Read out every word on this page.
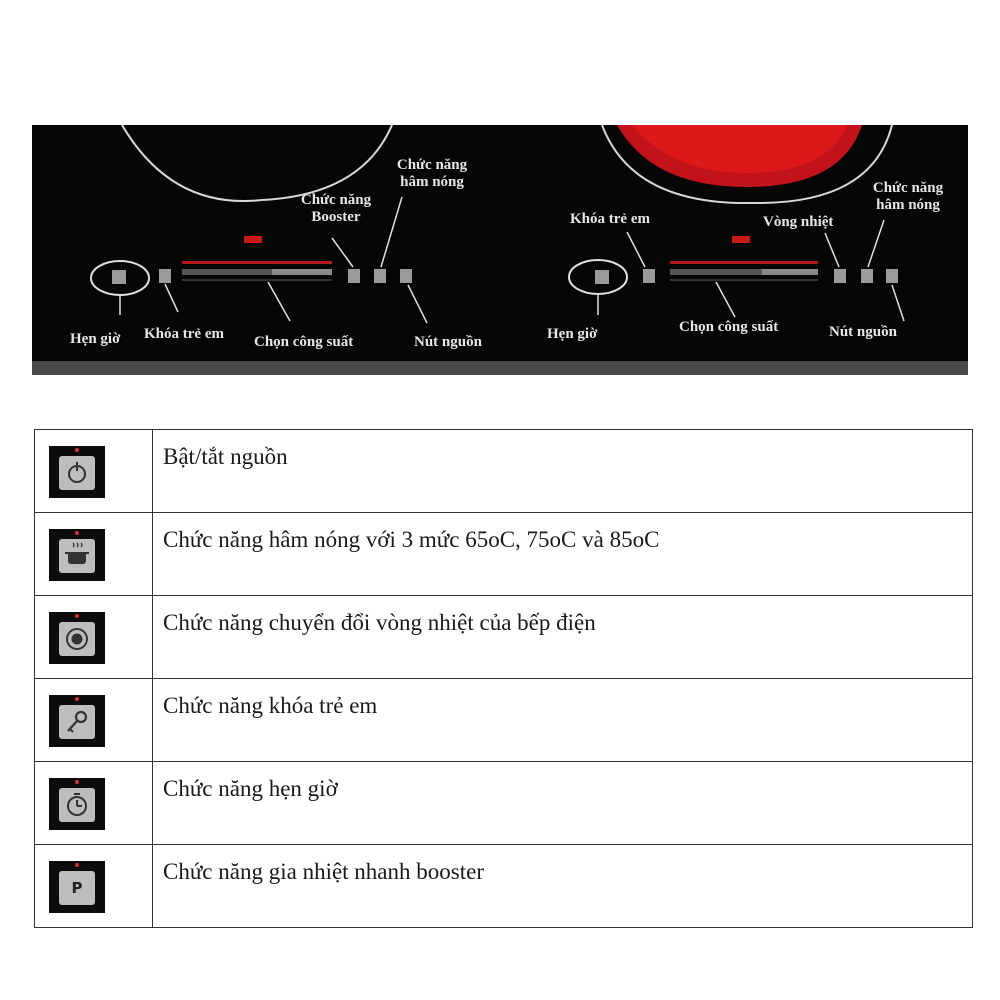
Hẹn giờ Khóa trẻ em Chọn công suất
Chức năng Booster
Chức năng hâm nóng
Nút nguồn
Khóa trẻ em	Vòng nhiệt
Chức năng hâm nóng
Hẹn giờ	Chọn công suất	Nút nguồn
	Bật/tắt nguồn

	Chức năng hâm nóng với 3 mức 65oC, 75oC và 85oC

	Chức năng chuyển đổi vòng nhiệt của bếp điện

	Chức năng khóa trẻ em

	Chức năng hẹn giờ

P	Chức năng gia nhiệt nhanh booster
